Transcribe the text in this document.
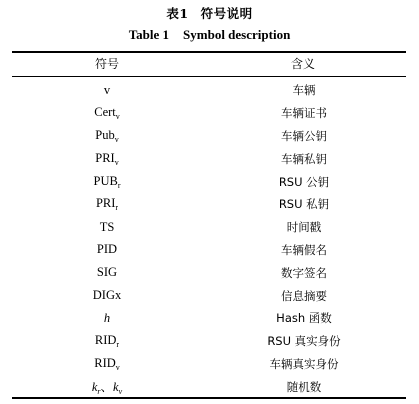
表1 符号说明
Table 1 Symbol description
符号	含义
v	车辆
Cert$_v$	车辆证书
Pub$_v$	车辆公钥
$PRI_v$	车辆私钥
$PUB_r$	RSU 公钥
$PRI_r$	RSU 私钥
TS	时间戳
PID	车辆假名
SIG	数字签名
DIGx	信息摘要
h	Hash 函数
$RID_r$	RSU 真实身份
$RID_v$	车辆真实身份
$k_r$、$k_v$	随机数
